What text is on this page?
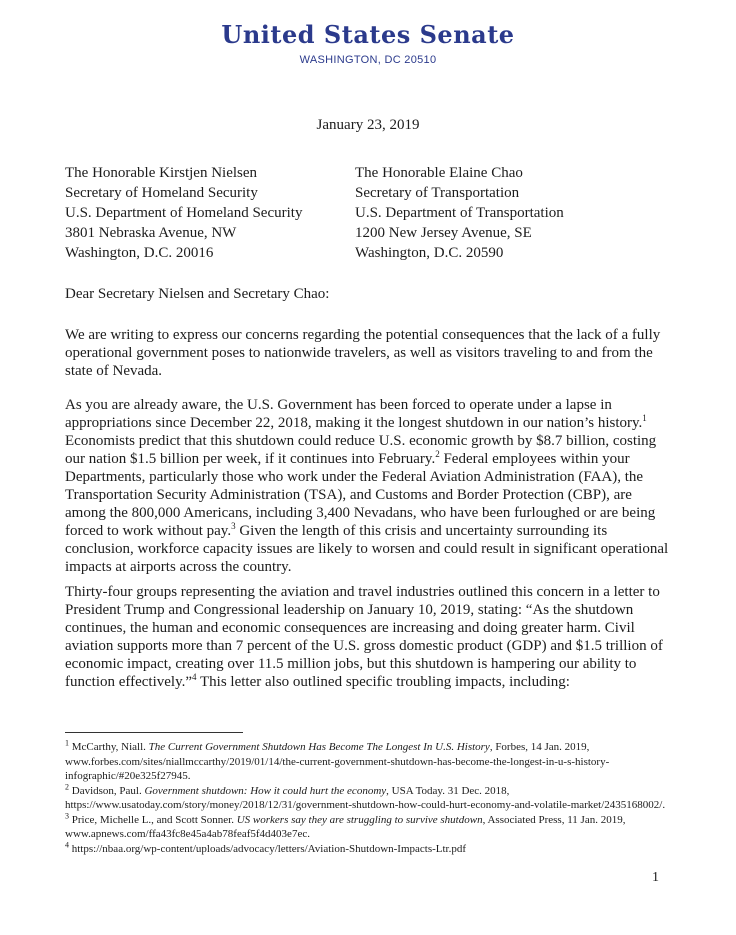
United States Senate
WASHINGTON, DC 20510
January 23, 2019
The Honorable Kirstjen Nielsen
Secretary of Homeland Security
U.S. Department of Homeland Security
3801 Nebraska Avenue, NW
Washington, D.C. 20016
The Honorable Elaine Chao
Secretary of Transportation
U.S. Department of Transportation
1200 New Jersey Avenue, SE
Washington, D.C. 20590
Dear Secretary Nielsen and Secretary Chao:

We are writing to express our concerns regarding the potential consequences that the lack of a fully operational government poses to nationwide travelers, as well as visitors traveling to and from the state of Nevada.

As you are already aware, the U.S. Government has been forced to operate under a lapse in appropriations since December 22, 2018, making it the longest shutdown in our nation’s history.$^1$ Economists predict that this shutdown could reduce U.S. economic growth by $8.7 billion, costing our nation $1.5 billion per week, if it continues into February.$^2$ Federal employees within your Departments, particularly those who work under the Federal Aviation Administration (FAA), the Transportation Security Administration (TSA), and Customs and Border Protection (CBP), are among the 800,000 Americans, including 3,400 Nevadans, who have been furloughed or are being forced to work without pay.$^3$ Given the length of this crisis and uncertainty surrounding its conclusion, workforce capacity issues are likely to worsen and could result in significant operational impacts at airports across the country.

Thirty-four groups representing the aviation and travel industries outlined this concern in a letter to President Trump and Congressional leadership on January 10, 2019, stating: “As the shutdown continues, the human and economic consequences are increasing and doing greater harm. Civil aviation supports more than 7 percent of the U.S. gross domestic product (GDP) and $1.5 trillion of economic impact, creating over 11.5 million jobs, but this shutdown is hampering our ability to function effectively.”$^4$ This letter also outlined specific troubling impacts, including:

$^1$ McCarthy, Niall. The Current Government Shutdown Has Become The Longest In U.S. History, Forbes, 14 Jan. 2019, www.forbes.com/sites/niallmccarthy/2019/01/14/the-current-government-shutdown-has-become-the-longest-in-u-s-history-infographic/#20e325f27945.

$^2$ Davidson, Paul. Government shutdown: How it could hurt the economy, USA Today. 31 Dec. 2018, https://www.usatoday.com/story/money/2018/12/31/government-shutdown-how-could-hurt-economy-and-volatile-market/2435168002/.

$^3$ Price, Michelle L., and Scott Sonner. US workers say they are struggling to survive shutdown, Associated Press, 11 Jan. 2019, www.apnews.com/ffa43fc8e45a4ab78feaf5f4d403e7ec.

$^4$ https://nbaa.org/wp-content/uploads/advocacy/letters/Aviation-Shutdown-Impacts-Ltr.pdf

1
